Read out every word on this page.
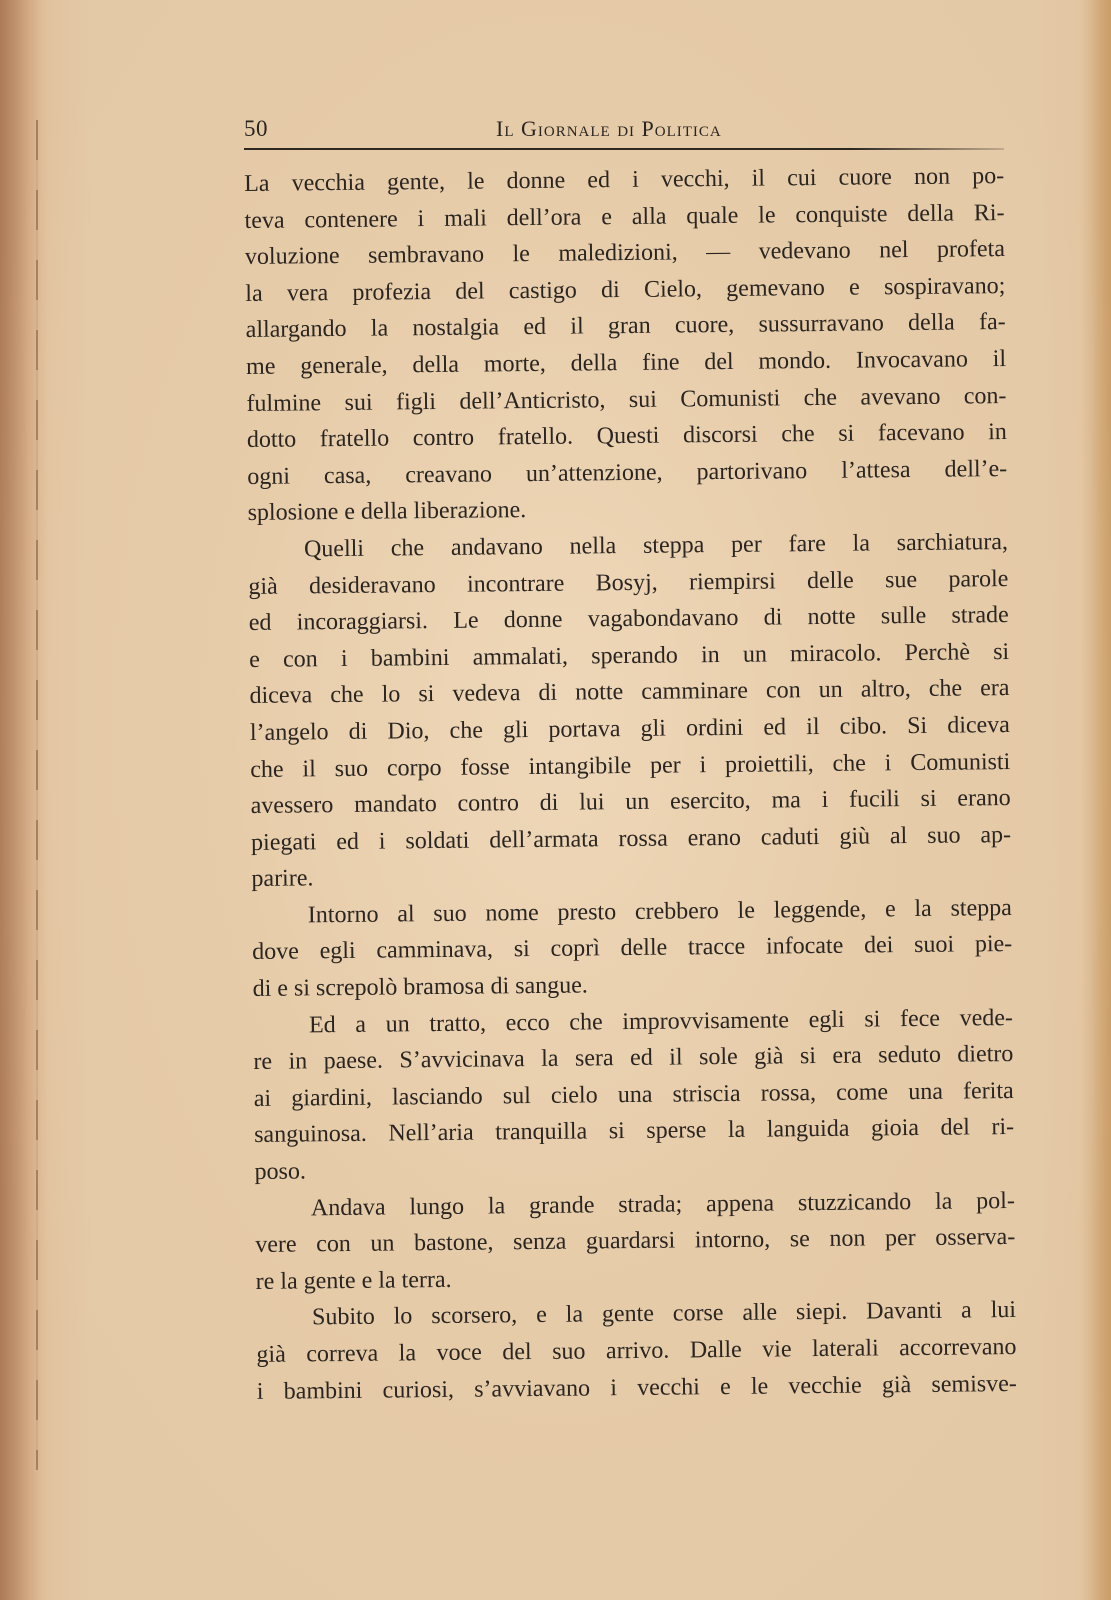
50	Il Giornale di Politica
La vecchia gente, le donne ed i vecchi, il cui cuore non po-
teva contenere i mali dell’ora e alla quale le conquiste della Ri-
voluzione sembravano le maledizioni, — vedevano nel profeta
la vera profezia del castigo di Cielo, gemevano e sospiravano;
allargando la nostalgia ed il gran cuore, sussurravano della fa-
me generale, della morte, della fine del mondo. Invocavano il
fulmine sui figli dell’Anticristo, sui Comunisti che avevano con-
dotto fratello contro fratello. Questi discorsi che si facevano in
ogni casa, creavano un’attenzione, partorivano l’attesa dell’e-
splosione e della liberazione.
Quelli che andavano nella steppa per fare la sarchiatura,
già desideravano incontrare Bosyj, riempirsi delle sue parole
ed incoraggiarsi. Le donne vagabondavano di notte sulle strade
e con i bambini ammalati, sperando in un miracolo. Perchè si
diceva che lo si vedeva di notte camminare con un altro, che era
l’angelo di Dio, che gli portava gli ordini ed il cibo. Si diceva
che il suo corpo fosse intangibile per i proiettili, che i Comunisti
avessero mandato contro di lui un esercito, ma i fucili si erano
piegati ed i soldati dell’armata rossa erano caduti giù al suo ap-
parire.
Intorno al suo nome presto crebbero le leggende, e la steppa
dove egli camminava, si coprì delle tracce infocate dei suoi pie-
di e si screpolò bramosa di sangue.
Ed a un tratto, ecco che improvvisamente egli si fece vede-
re in paese. S’avvicinava la sera ed il sole già si era seduto dietro
ai giardini, lasciando sul cielo una striscia rossa, come una ferita
sanguinosa. Nell’aria tranquilla si sperse la languida gioia del ri-
poso.
Andava lungo la grande strada; appena stuzzicando la pol-
vere con un bastone, senza guardarsi intorno, se non per osserva-
re la gente e la terra.
Subito lo scorsero, e la gente corse alle siepi. Davanti a lui
già correva la voce del suo arrivo. Dalle vie laterali accorrevano
i bambini curiosi, s’avviavano i vecchi e le vecchie già semisve-
